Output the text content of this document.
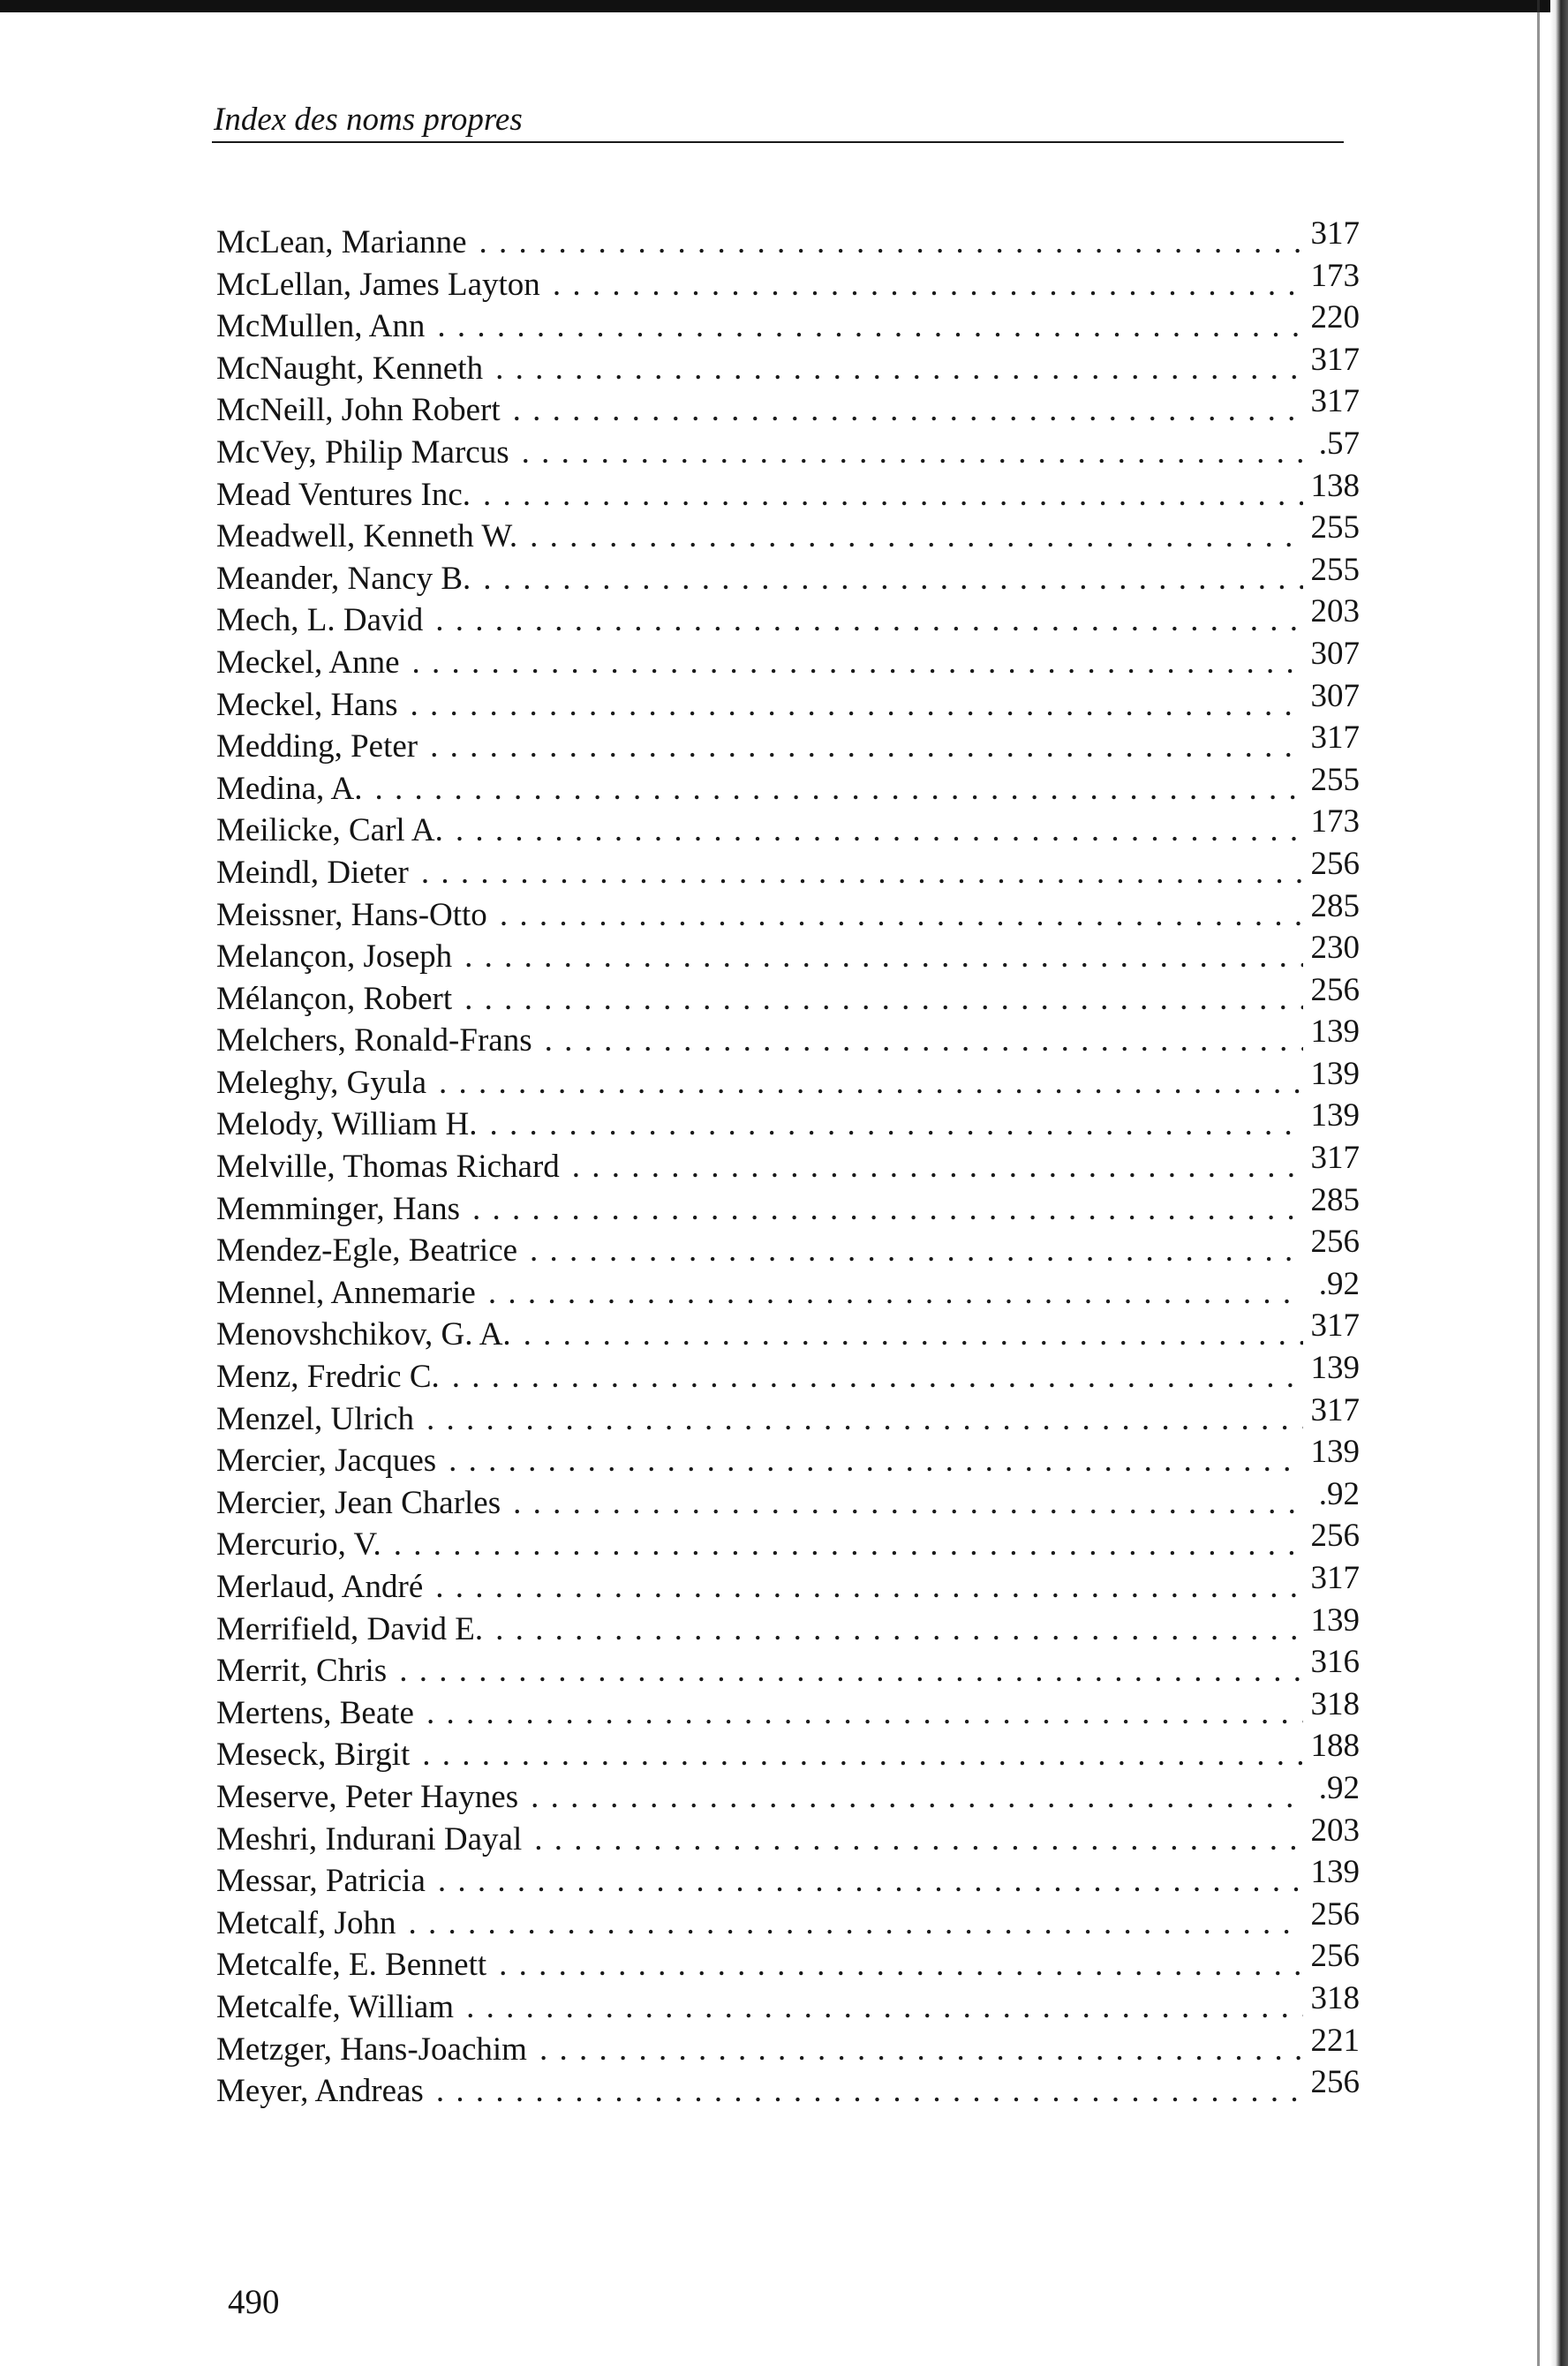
Index des noms propres
McLean, Marianne . . .	317
McLellan, James Layton . . .	173
McMullen, Ann . . .	220
McNaught, Kenneth . . .	317
McNeill, John Robert . . .	317
McVey, Philip Marcus . . .	.57
Mead Ventures Inc. . . .	138
Meadwell, Kenneth W. . . .	255
Meander, Nancy B. . . .	255
Mech, L. David . . .	203
Meckel, Anne . . .	307
Meckel, Hans . . .	307
Medding, Peter . . .	317
Medina, A. . . .	255
Meilicke, Carl A. . . .	173
Meindl, Dieter . . .	256
Meissner, Hans-Otto . . .	285
Melançon, Joseph . . .	230
Mélançon, Robert . . .	256
Melchers, Ronald-Frans . . .	139
Meleghy, Gyula . . .	139
Melody, William H. . . .	139
Melville, Thomas Richard . . .	317
Memminger, Hans . . .	285
Mendez-Egle, Beatrice . . .	256
Mennel, Annemarie . . .	.92
Menovshchikov, G. A. . . .	317
Menz, Fredric C. . . .	139
Menzel, Ulrich . . .	317
Mercier, Jacques . . .	139
Mercier, Jean Charles . . .	.92
Mercurio, V. . . .	256
Merlaud, André . . .	317
Merrifield, David E. . . .	139
Merrit, Chris . . .	316
Mertens, Beate . . .	318
Meseck, Birgit . . .	188
Meserve, Peter Haynes . . .	.92
Meshri, Indurani Dayal . . .	203
Messar, Patricia . . .	139
Metcalf, John . . .	256
Metcalfe, E. Bennett . . .	256
Metcalfe, William . . .	318
Metzger, Hans-Joachim . . .	221
Meyer, Andreas . . .	256
490
